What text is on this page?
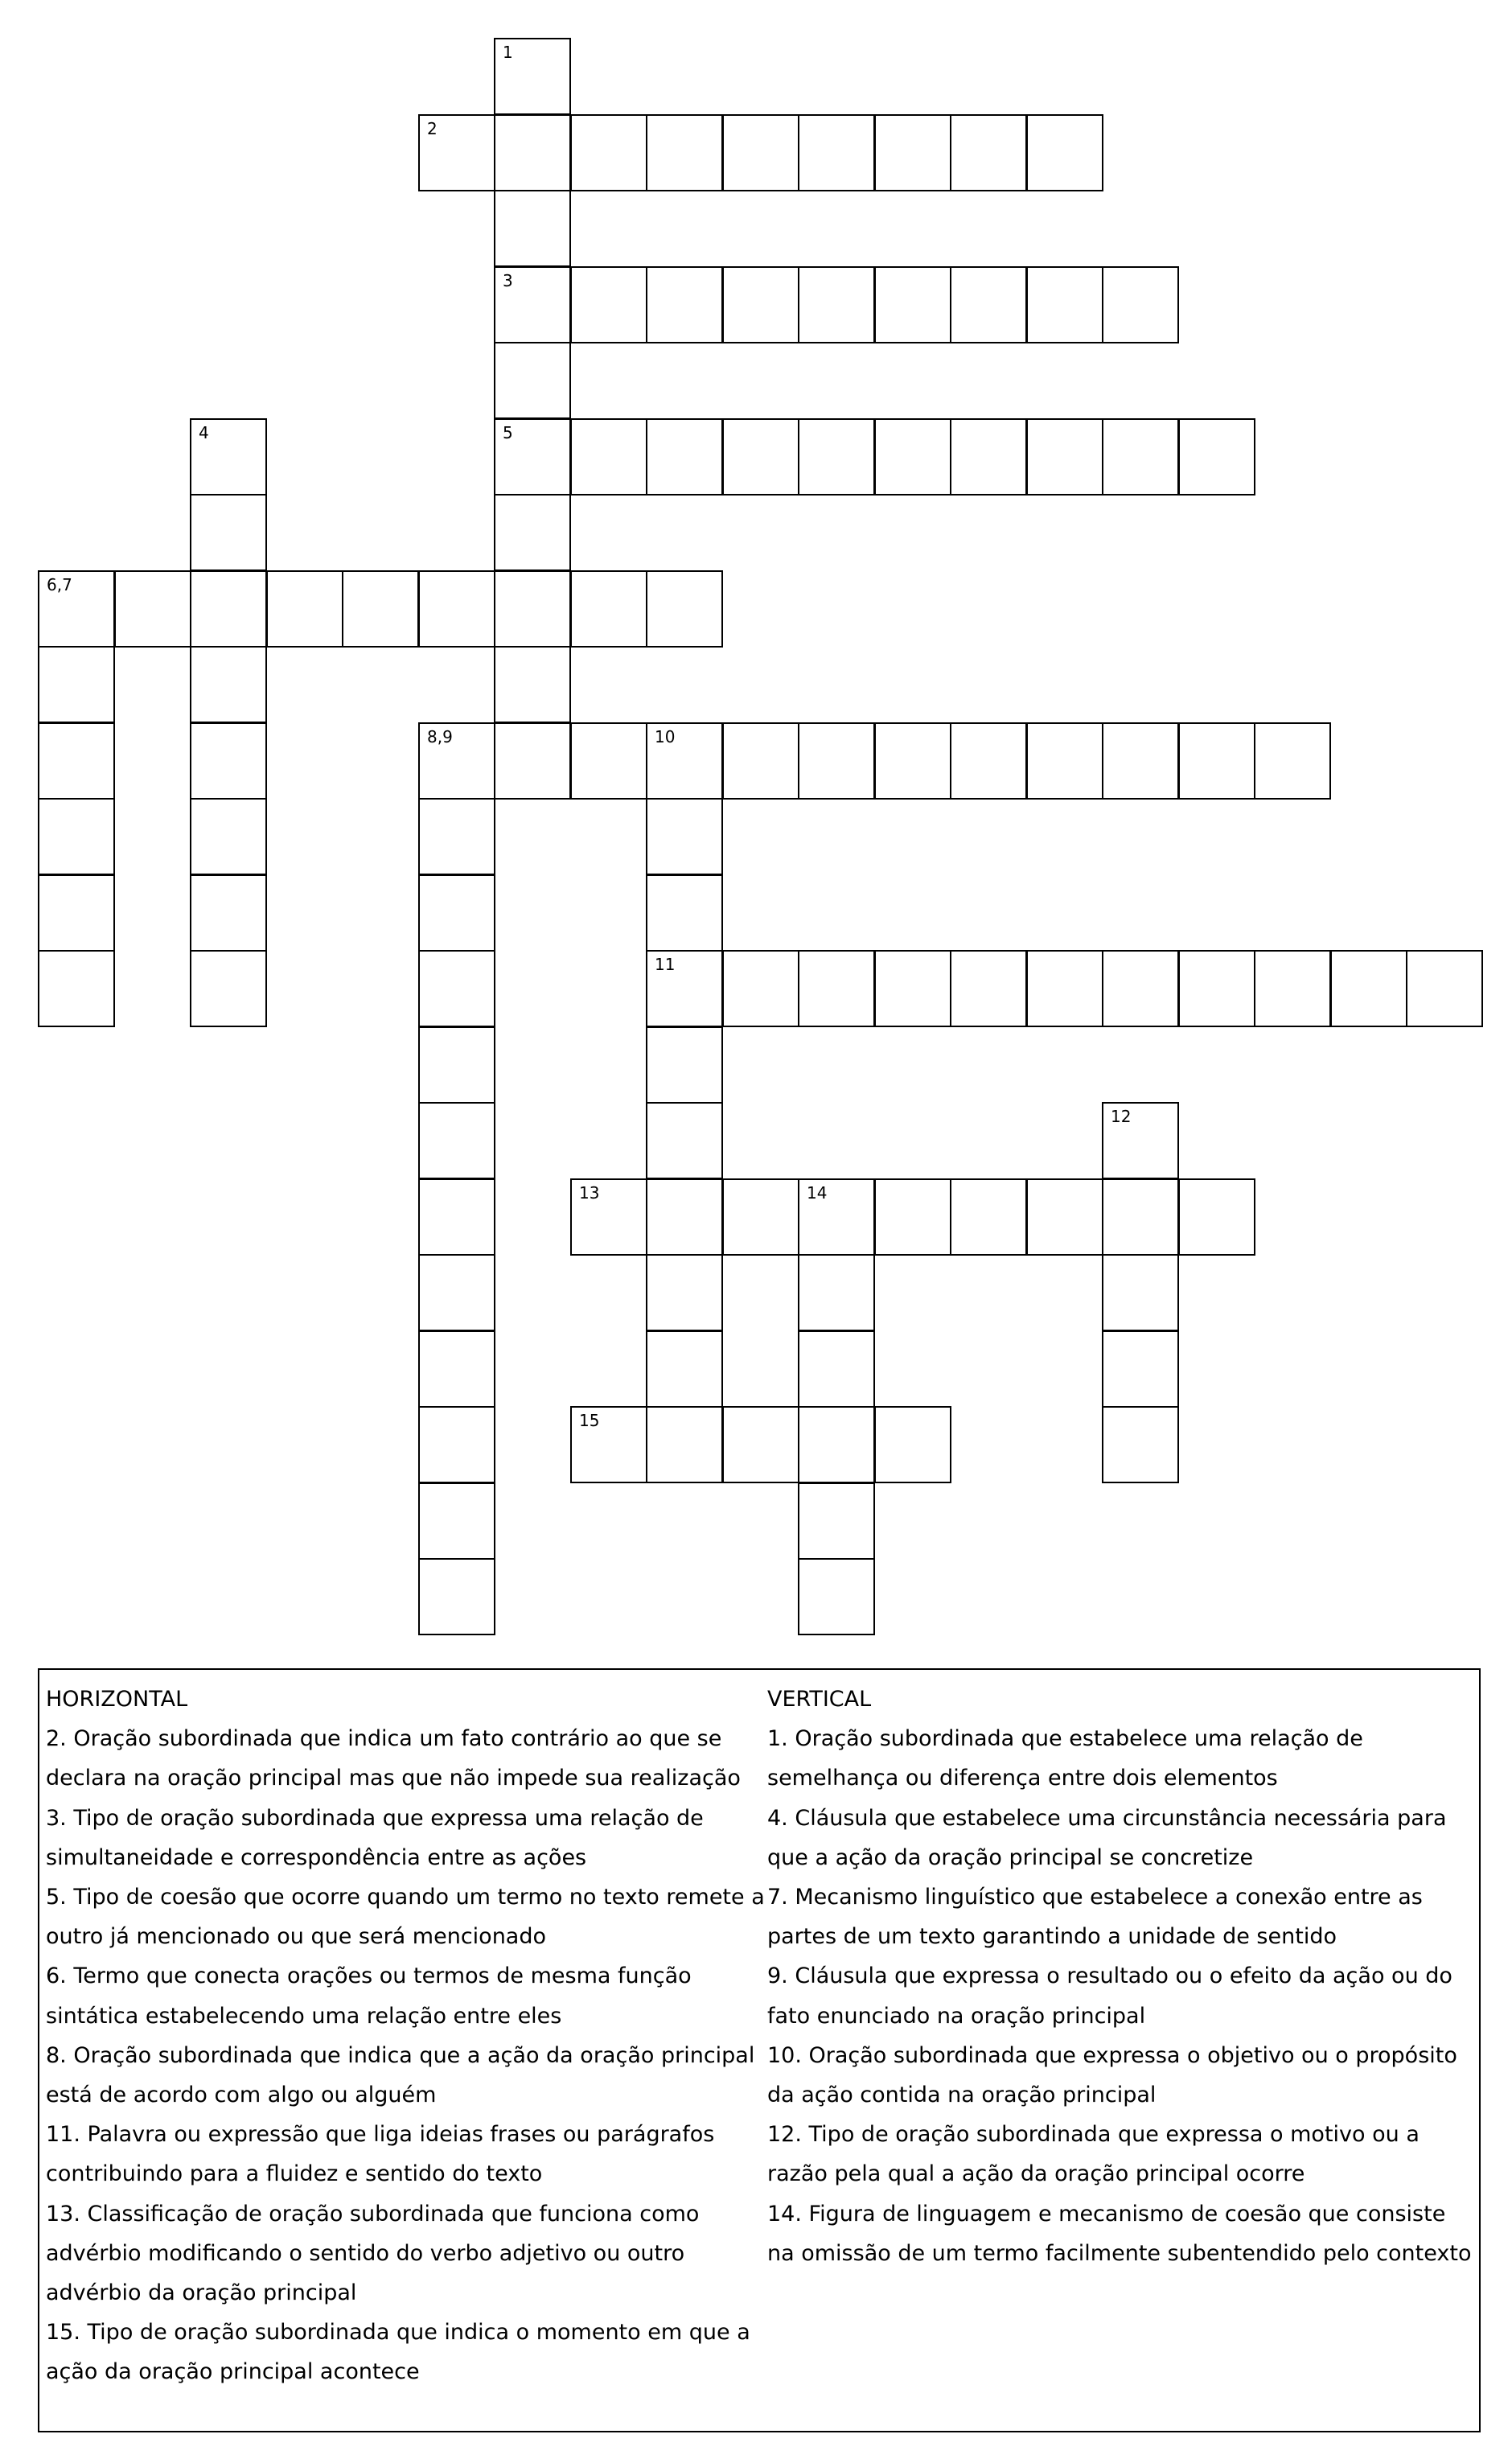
1
3
5
2
4
6,7
8,9	10
11
12
13	14
15
HORIZONTAL
2. Oração subordinada que indica um fato contrário ao que se declara na oração principal mas que não impede sua realização
3. Tipo de oração subordinada que expressa uma relação de simultaneidade e correspondência entre as ações
5. Tipo de coesão que ocorre quando um termo no texto remete a outro já mencionado ou que será mencionado
6. Termo que conecta orações ou termos de mesma função sintática estabelecendo uma relação entre eles
8. Oração subordinada que indica que a ação da oração principal está de acordo com algo ou alguém
11. Palavra ou expressão que liga ideias frases ou parágrafos contribuindo para a fluidez e sentido do texto
13. Classificação de oração subordinada que funciona como advérbio modificando o sentido do verbo adjetivo ou outro advérbio da oração principal
15. Tipo de oração subordinada que indica o momento em que a ação da oração principal acontece
VERTICAL
1. Oração subordinada que estabelece uma relação de semelhança ou diferença entre dois elementos
4. Cláusula que estabelece uma circunstância necessária para que a ação da oração principal se concretize
7. Mecanismo linguístico que estabelece a conexão entre as partes de um texto garantindo a unidade de sentido
9. Cláusula que expressa o resultado ou o efeito da ação ou do fato enunciado na oração principal
10. Oração subordinada que expressa o objetivo ou o propósito da ação contida na oração principal
12. Tipo de oração subordinada que expressa o motivo ou a razão pela qual a ação da oração principal ocorre
14. Figura de linguagem e mecanismo de coesão que consiste na omissão de um termo facilmente subentendido pelo contexto
